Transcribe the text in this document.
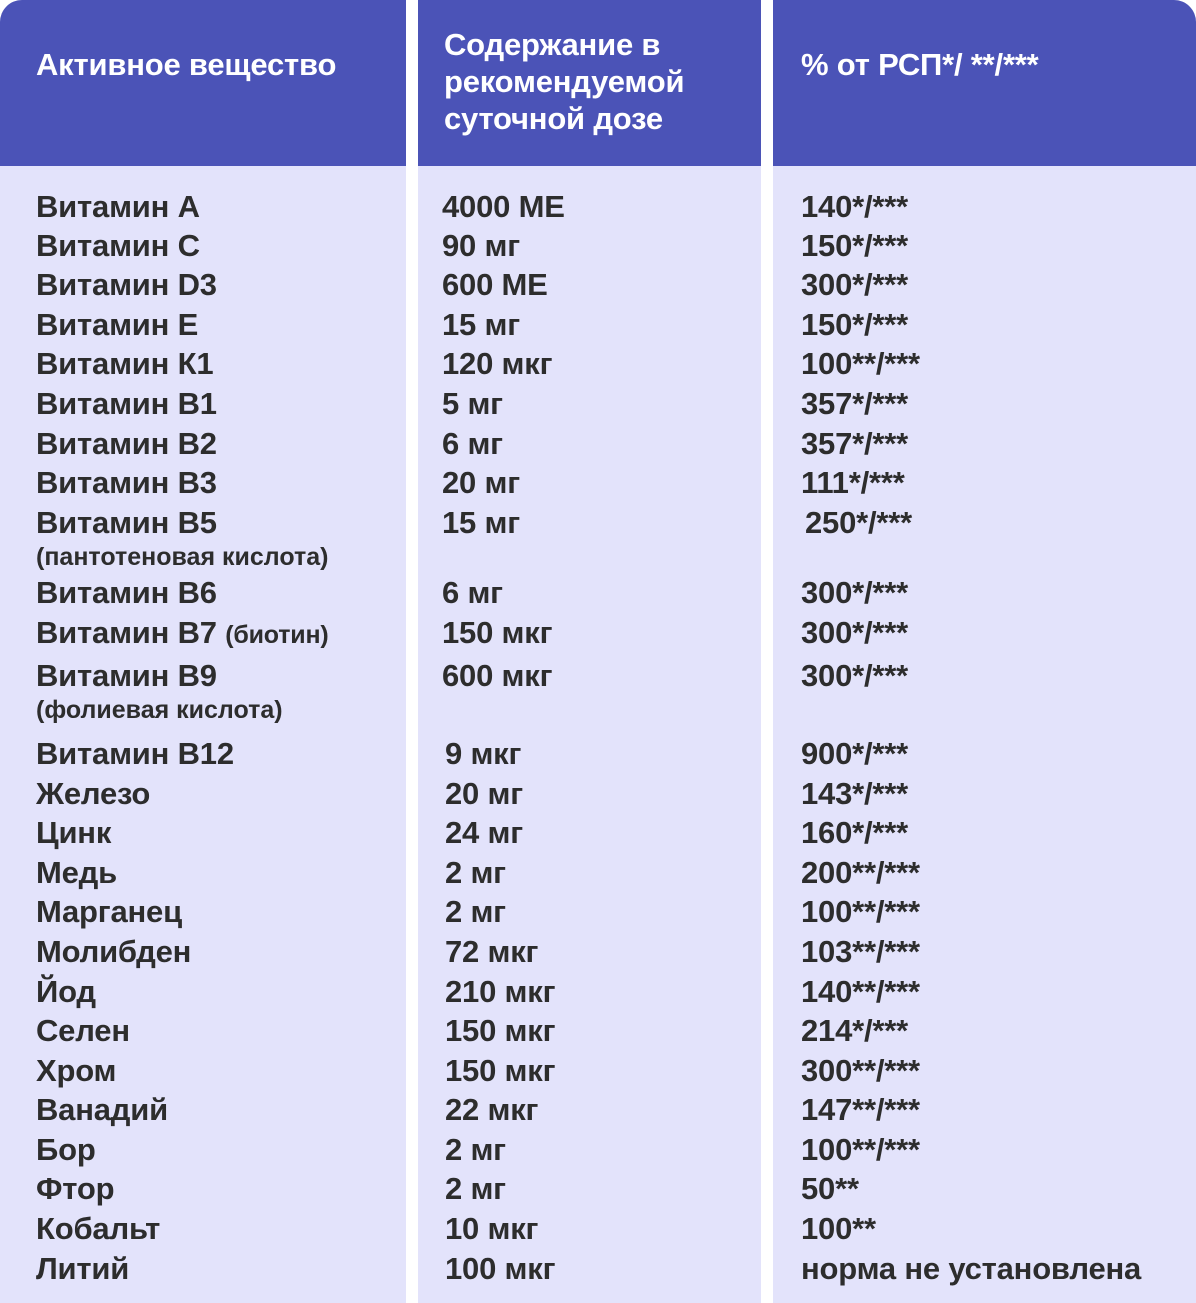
Активное вещество
Витамин A
Витамин C
Витамин D3
Витамин E
Витамин К1
Витамин B1
Витамин B2
Витамин B3
Витамин B5
(пантотеновая кислота)
Витамин B6
Витамин B7 (биотин)
Витамин B9
(фолиевая кислота)
Витамин B12
Железо
Цинк
Медь
Марганец
Молибден
Йод
Селен
Хром
Ванадий
Бор
Фтор
Кобальт
Литий
Содержание в рекомендуемой суточной дозе
4000 МЕ
90 мг
600 МЕ
15 мг
120 мкг
5 мг
6 мг
20 мг
15 мг
6 мг
150 мкг
600 мкг
9 мкг
20 мг
24 мг
2 мг
2 мг
72 мкг
210 мкг
150 мкг
150 мкг
22 мкг
2 мг
2 мг
10 мкг
100 мкг
% от РСП*/ **/***
140*/***
150*/***
300*/***
150*/***
100**/***
357*/***
357*/***
111*/***
250*/***
300*/***
300*/***
300*/***
900*/***
143*/***
160*/***
200**/***
100**/***
103**/***
140**/***
214*/***
300**/***
147**/***
100**/***
50**
100**
норма не установлена
